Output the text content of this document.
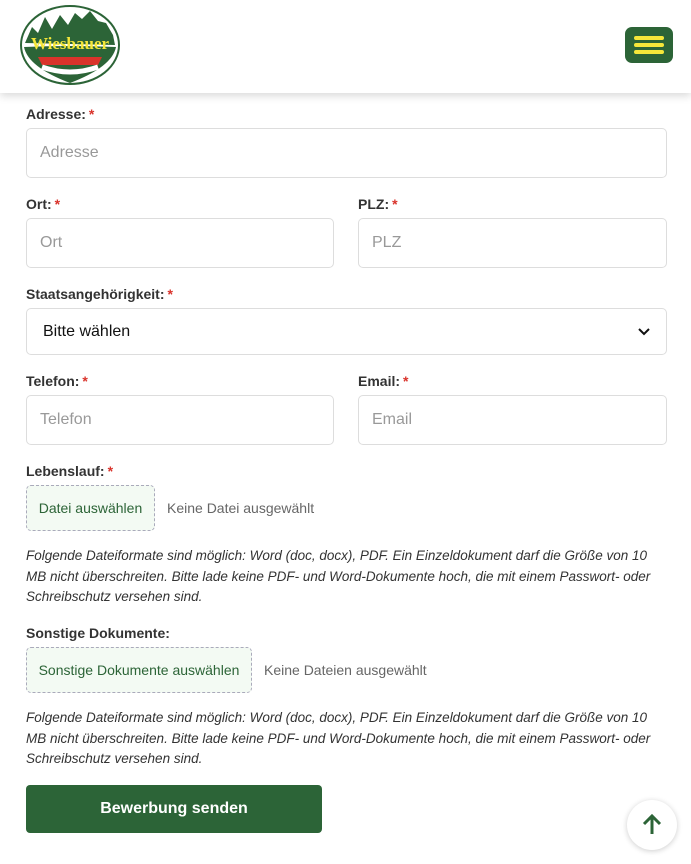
Wiesbauer
Adresse: *
Adresse
Ort: *
Ort
PLZ: *
PLZ
Staatsangehörigkeit: *
Bitte wählen
Telefon: *
Telefon
Email: *
Email
Lebenslauf: *
Datei auswählen	Keine Datei ausgewählt
Folgende Dateiformate sind möglich: Word (doc, docx), PDF. Ein Einzeldokument darf die Größe von 10 MB nicht überschreiten. Bitte lade keine PDF- und Word-Dokumente hoch, die mit einem Passwort- oder Schreibschutz versehen sind.
Sonstige Dokumente:
Sonstige Dokumente auswählen	Keine Dateien ausgewählt
Folgende Dateiformate sind möglich: Word (doc, docx), PDF. Ein Einzeldokument darf die Größe von 10 MB nicht überschreiten. Bitte lade keine PDF- und Word-Dokumente hoch, die mit einem Passwort- oder Schreibschutz versehen sind.
Bewerbung senden
